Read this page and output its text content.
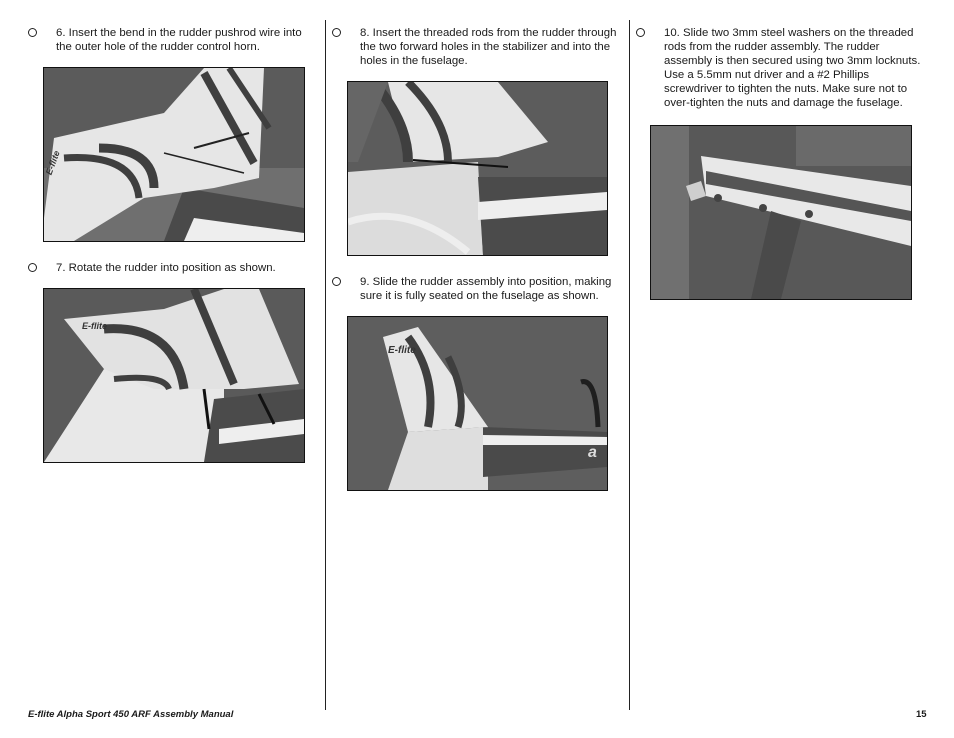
6. Insert the bend in the rudder pushrod wire into the outer hole of the rudder control horn.
E-flite
7. Rotate the rudder into position as shown.
E-flite
8. Insert the threaded rods from the rudder through the two forward holes in the stabilizer and into the holes in the fuselage.
9. Slide the rudder assembly into position, making sure it is fully seated on the fuselage as shown.
E-flite
a
10. Slide two 3mm steel washers on the threaded rods from the rudder assembly. The rudder assembly is then secured using two 3mm locknuts. Use a 5.5mm nut driver and a #2 Phillips screwdriver to tighten the nuts. Make sure not to over-tighten the nuts and damage the fuselage.
E-flite Alpha Sport 450 ARF Assembly Manual	15
